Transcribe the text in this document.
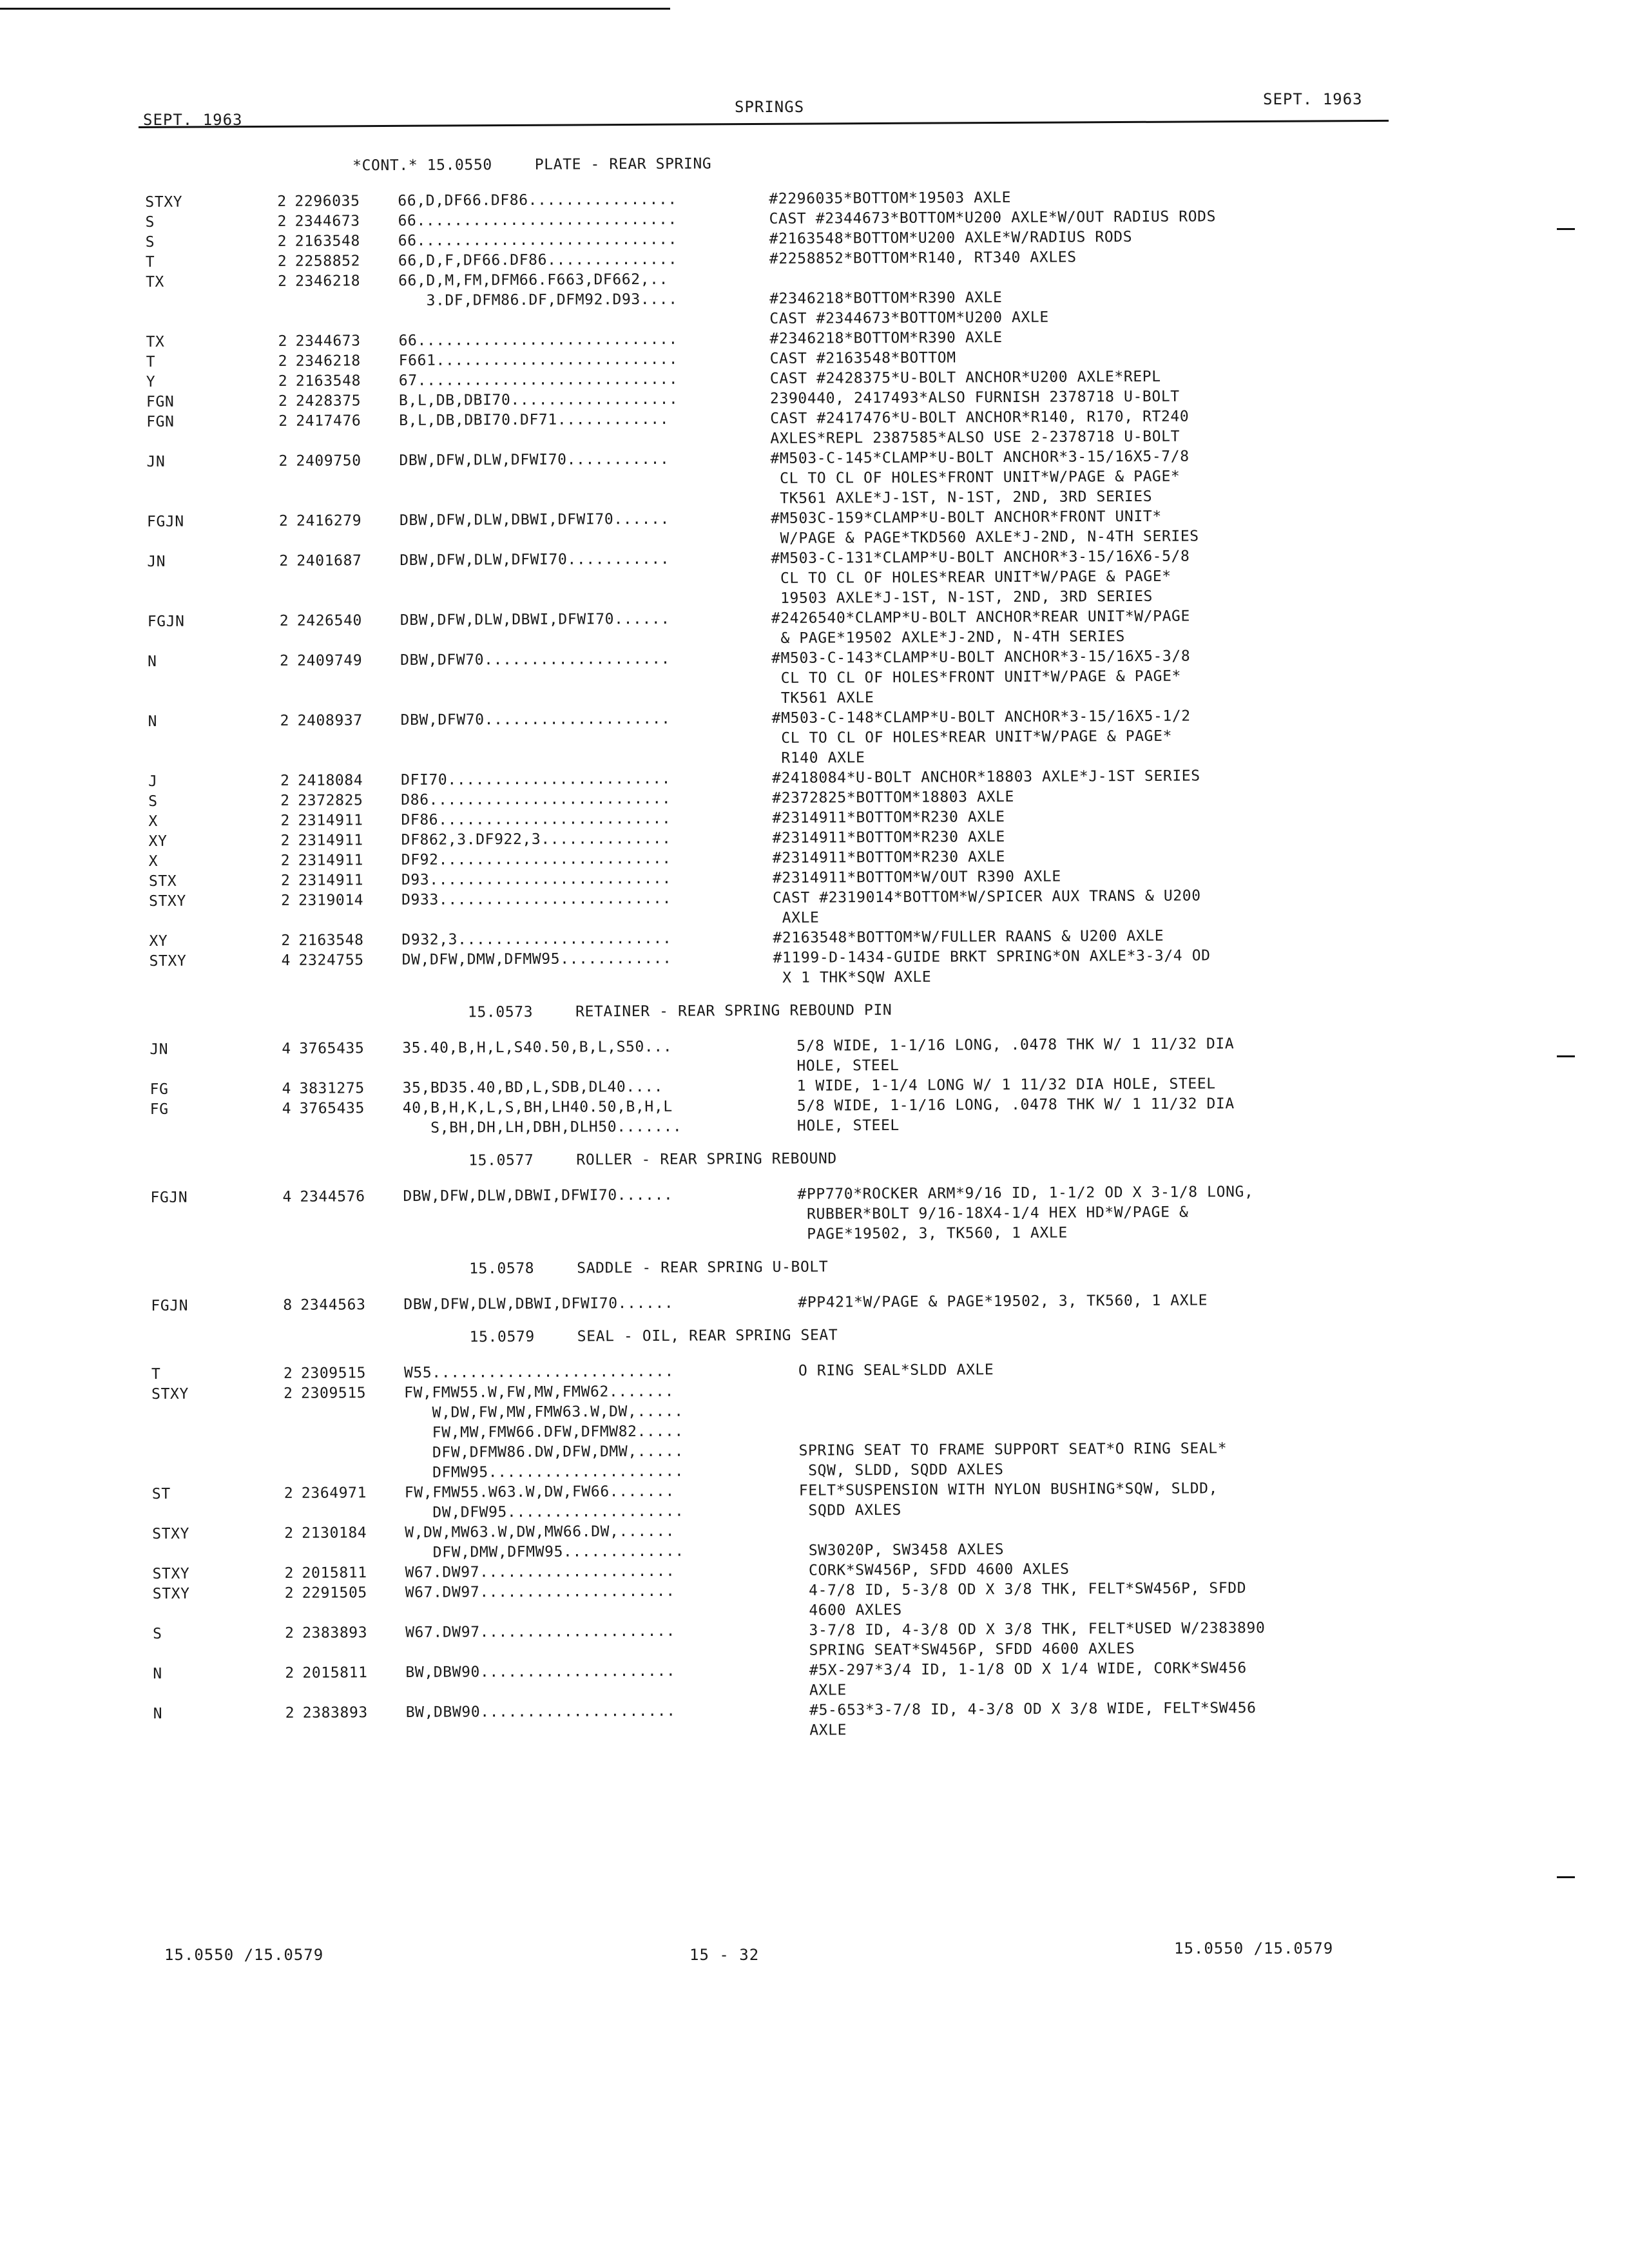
SEPT. 1963
SPRINGS	SEPT. 1963
*CONT.* 15.0550	PLATE - REAR SPRING
STXY	2 2296035	66,D,DF66.DF86................	#2296035*BOTTOM*19503 AXLE
S	2 2344673	66............................	CAST #2344673*BOTTOM*U200 AXLE*W/OUT RADIUS RODS
S	2 2163548	66............................	#2163548*BOTTOM*U200 AXLE*W/RADIUS RODS
T	2 2258852	66,D,F,DF66.DF86..............	#2258852*BOTTOM*R140, RT340 AXLES
TX	2 2346218	66,D,M,FM,DFM66.F663,DF662,..
3.DF,DFM86.DF,DFM92.D93....	#2346218*BOTTOM*R390 AXLE
CAST #2344673*BOTTOM*U200 AXLE
TX	2 2344673	66............................	#2346218*BOTTOM*R390 AXLE
T	2 2346218	F661..........................	CAST #2163548*BOTTOM
Y	2 2163548	67............................	CAST #2428375*U-BOLT ANCHOR*U200 AXLE*REPL
FGN	2 2428375	B,L,DB,DBI70..................	2390440, 2417493*ALSO FURNISH 2378718 U-BOLT
FGN	2 2417476	B,L,DB,DBI70.DF71............	CAST #2417476*U-BOLT ANCHOR*R140, R170, RT240
AXLES*REPL 2387585*ALSO USE 2-2378718 U-BOLT
JN	2 2409750	DBW,DFW,DLW,DFWI70...........	#M503-C-145*CLAMP*U-BOLT ANCHOR*3-15/16X5-7/8
CL TO CL OF HOLES*FRONT UNIT*W/PAGE & PAGE*
TK561 AXLE*J-1ST, N-1ST, 2ND, 3RD SERIES
FGJN	2 2416279	DBW,DFW,DLW,DBWI,DFWI70......	#M503C-159*CLAMP*U-BOLT ANCHOR*FRONT UNIT*
W/PAGE & PAGE*TKD560 AXLE*J-2ND, N-4TH SERIES
JN	2 2401687	DBW,DFW,DLW,DFWI70...........	#M503-C-131*CLAMP*U-BOLT ANCHOR*3-15/16X6-5/8
CL TO CL OF HOLES*REAR UNIT*W/PAGE & PAGE*
19503 AXLE*J-1ST, N-1ST, 2ND, 3RD SERIES
FGJN	2 2426540	DBW,DFW,DLW,DBWI,DFWI70......	#2426540*CLAMP*U-BOLT ANCHOR*REAR UNIT*W/PAGE
& PAGE*19502 AXLE*J-2ND, N-4TH SERIES
N	2 2409749	DBW,DFW70....................	#M503-C-143*CLAMP*U-BOLT ANCHOR*3-15/16X5-3/8
CL TO CL OF HOLES*FRONT UNIT*W/PAGE & PAGE*
TK561 AXLE
N	2 2408937	DBW,DFW70....................	#M503-C-148*CLAMP*U-BOLT ANCHOR*3-15/16X5-1/2
CL TO CL OF HOLES*REAR UNIT*W/PAGE & PAGE*
R140 AXLE
J	2 2418084	DFI70........................	#2418084*U-BOLT ANCHOR*18803 AXLE*J-1ST SERIES
S	2 2372825	D86..........................	#2372825*BOTTOM*18803 AXLE
X	2 2314911	DF86.........................	#2314911*BOTTOM*R230 AXLE
XY	2 2314911	DF862,3.DF922,3..............	#2314911*BOTTOM*R230 AXLE
X	2 2314911	DF92.........................	#2314911*BOTTOM*R230 AXLE
STX	2 2314911	D93..........................	#2314911*BOTTOM*W/OUT R390 AXLE
STXY	2 2319014	D933.........................	CAST #2319014*BOTTOM*W/SPICER AUX TRANS & U200
AXLE
XY	2 2163548	D932,3.......................	#2163548*BOTTOM*W/FULLER RAANS & U200 AXLE
STXY	4 2324755	DW,DFW,DMW,DFMW95............	#1199-D-1434-GUIDE BRKT SPRING*ON AXLE*3-3/4 OD
X 1 THK*SQW AXLE
15.0573	RETAINER - REAR SPRING REBOUND PIN
JN	4 3765435	35.40,B,H,L,S40.50,B,L,S50...	5/8 WIDE, 1-1/16 LONG, .0478 THK W/ 1 11/32 DIA
HOLE, STEEL
FG	4 3831275	35,BD35.40,BD,L,SDB,DL40....	1 WIDE, 1-1/4 LONG W/ 1 11/32 DIA HOLE, STEEL
FG	4 3765435	40,B,H,K,L,S,BH,LH40.50,B,H,L	5/8 WIDE, 1-1/16 LONG, .0478 THK W/ 1 11/32 DIA
S,BH,DH,LH,DBH,DLH50.......	HOLE, STEEL
15.0577	ROLLER - REAR SPRING REBOUND
FGJN	4 2344576	DBW,DFW,DLW,DBWI,DFWI70......	#PP770*ROCKER ARM*9/16 ID, 1-1/2 OD X 3-1/8 LONG,
RUBBER*BOLT 9/16-18X4-1/4 HEX HD*W/PAGE &
PAGE*19502, 3, TK560, 1 AXLE
15.0578	SADDLE - REAR SPRING U-BOLT
FGJN	8 2344563	DBW,DFW,DLW,DBWI,DFWI70......	#PP421*W/PAGE & PAGE*19502, 3, TK560, 1 AXLE
15.0579	SEAL - OIL, REAR SPRING SEAT
T	2 2309515	W55..........................	O RING SEAL*SLDD AXLE
STXY	2 2309515	FW,FMW55.W,FW,MW,FMW62.......
W,DW,FW,MW,FMW63.W,DW,.....
FW,MW,FMW66.DFW,DFMW82.....
DFW,DFMW86.DW,DFW,DMW,.....	SPRING SEAT TO FRAME SUPPORT SEAT*O RING SEAL*
DFMW95.....................	SQW, SLDD, SQDD AXLES
ST	2 2364971	FW,FMW55.W63.W,DW,FW66.......	FELT*SUSPENSION WITH NYLON BUSHING*SQW, SLDD,
DW,DFW95...................	SQDD AXLES
STXY	2 2130184	W,DW,MW63.W,DW,MW66.DW,......
DFW,DMW,DFMW95.............	SW3020P, SW3458 AXLES
STXY	2 2015811	W67.DW97.....................	CORK*SW456P, SFDD 4600 AXLES
STXY	2 2291505	W67.DW97.....................	4-7/8 ID, 5-3/8 OD X 3/8 THK, FELT*SW456P, SFDD
4600 AXLES
S	2 2383893	W67.DW97.....................	3-7/8 ID, 4-3/8 OD X 3/8 THK, FELT*USED W/2383890
SPRING SEAT*SW456P, SFDD 4600 AXLES
N	2 2015811	BW,DBW90.....................	#5X-297*3/4 ID, 1-1/8 OD X 1/4 WIDE, CORK*SW456
AXLE
N	2 2383893	BW,DBW90.....................	#5-653*3-7/8 ID, 4-3/8 OD X 3/8 WIDE, FELT*SW456
AXLE
15.0550 /15.0579	15 - 32	15.0550 /15.0579
